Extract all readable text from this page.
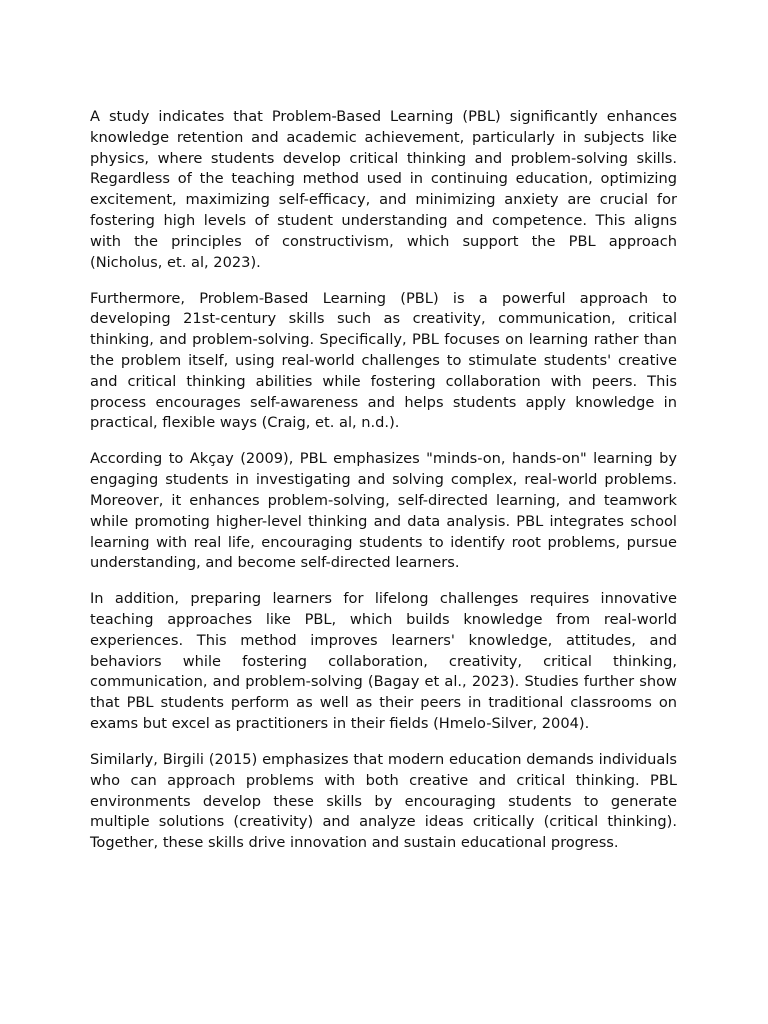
A study indicates that Problem-Based Learning (PBL) significantly enhances knowledge retention and academic achievement, particularly in subjects like physics, where students develop critical thinking and problem-solving skills. Regardless of the teaching method used in continuing education, optimizing excitement, maximizing self-efficacy, and minimizing anxiety are crucial for fostering high levels of student understanding and competence. This aligns with the principles of constructivism, which support the PBL approach (Nicholus, et. al, 2023).

Furthermore, Problem-Based Learning (PBL) is a powerful approach to developing 21st-century skills such as creativity, communication, critical thinking, and problem-solving. Specifically, PBL focuses on learning rather than the problem itself, using real-world challenges to stimulate students' creative and critical thinking abilities while fostering collaboration with peers. This process encourages self-awareness and helps students apply knowledge in practical, flexible ways (Craig, et. al, n.d.).

According to Akçay (2009), PBL emphasizes "minds-on, hands-on" learning by engaging students in investigating and solving complex, real-world problems. Moreover, it enhances problem-solving, self-directed learning, and teamwork while promoting higher-level thinking and data analysis. PBL integrates school learning with real life, encouraging students to identify root problems, pursue understanding, and become self-directed learners.

In addition, preparing learners for lifelong challenges requires innovative teaching approaches like PBL, which builds knowledge from real-world experiences. This method improves learners' knowledge, attitudes, and behaviors while fostering collaboration, creativity, critical thinking, communication, and problem-solving (Bagay et al., 2023). Studies further show that PBL students perform as well as their peers in traditional classrooms on exams but excel as practitioners in their fields (Hmelo-Silver, 2004).

Similarly, Birgili (2015) emphasizes that modern education demands individuals who can approach problems with both creative and critical thinking. PBL environments develop these skills by encouraging students to generate multiple solutions (creativity) and analyze ideas critically (critical thinking). Together, these skills drive innovation and sustain educational progress.
